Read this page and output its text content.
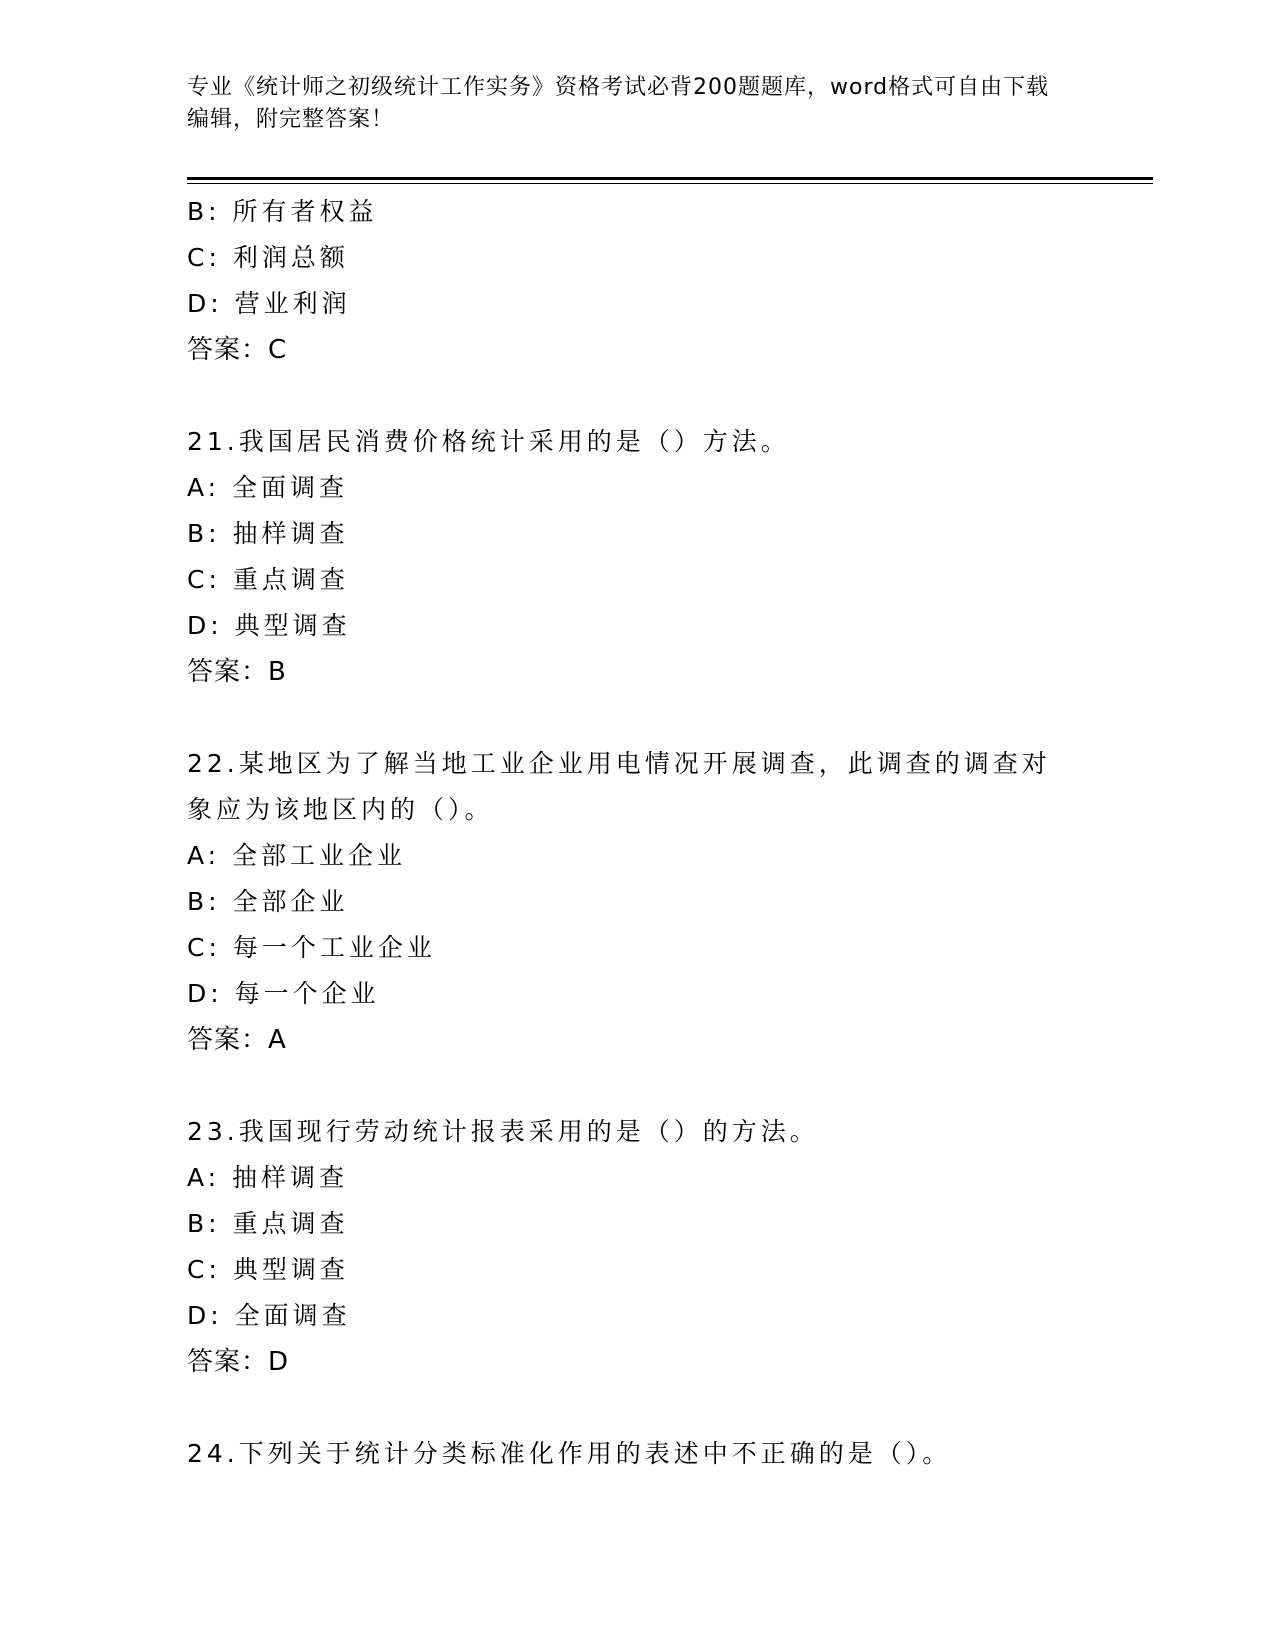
专业《统计师之初级统计工作实务》资格考试必背200题题库，word格式可自由下载编辑，附完整答案！
B: 所有者权益
C: 利润总额
D: 营业利润
答案：C
21.我国居民消费价格统计采用的是（）方法。
A: 全面调查
B: 抽样调查
C: 重点调查
D: 典型调查
答案：B
22.某地区为了解当地工业企业用电情况开展调查，此调查的调查对象应为该地区内的（）。
A: 全部工业企业
B: 全部企业
C: 每一个工业企业
D: 每一个企业
答案：A
23.我国现行劳动统计报表采用的是（）的方法。
A: 抽样调查
B: 重点调查
C: 典型调查
D: 全面调查
答案：D
24.下列关于统计分类标准化作用的表述中不正确的是（）。
